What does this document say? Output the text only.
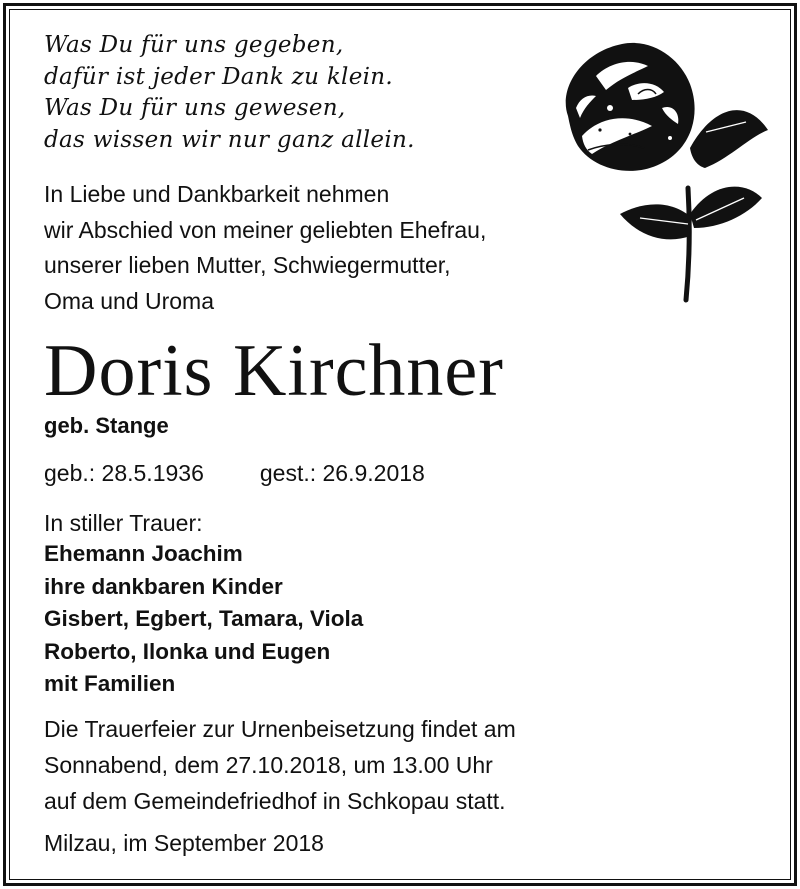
Was Du für uns gegeben,
dafür ist jeder Dank zu klein.
Was Du für uns gewesen,
das wissen wir nur ganz allein.
In Liebe und Dankbarkeit nehmen
wir Abschied von meiner geliebten Ehefrau,
unserer lieben Mutter, Schwiegermutter,
Oma und Uroma
Doris Kirchner
geb. Stange
geb.: 28.5.1936 gest.: 26.9.2018
In stiller Trauer:
Ehemann Joachim
ihre dankbaren Kinder
Gisbert, Egbert, Tamara, Viola
Roberto, Ilonka und Eugen
mit Familien
Die Trauerfeier zur Urnenbeisetzung findet am
Sonnabend, dem 27.10.2018, um 13.00 Uhr
auf dem Gemeindefriedhof in Schkopau statt.
Milzau, im September 2018
